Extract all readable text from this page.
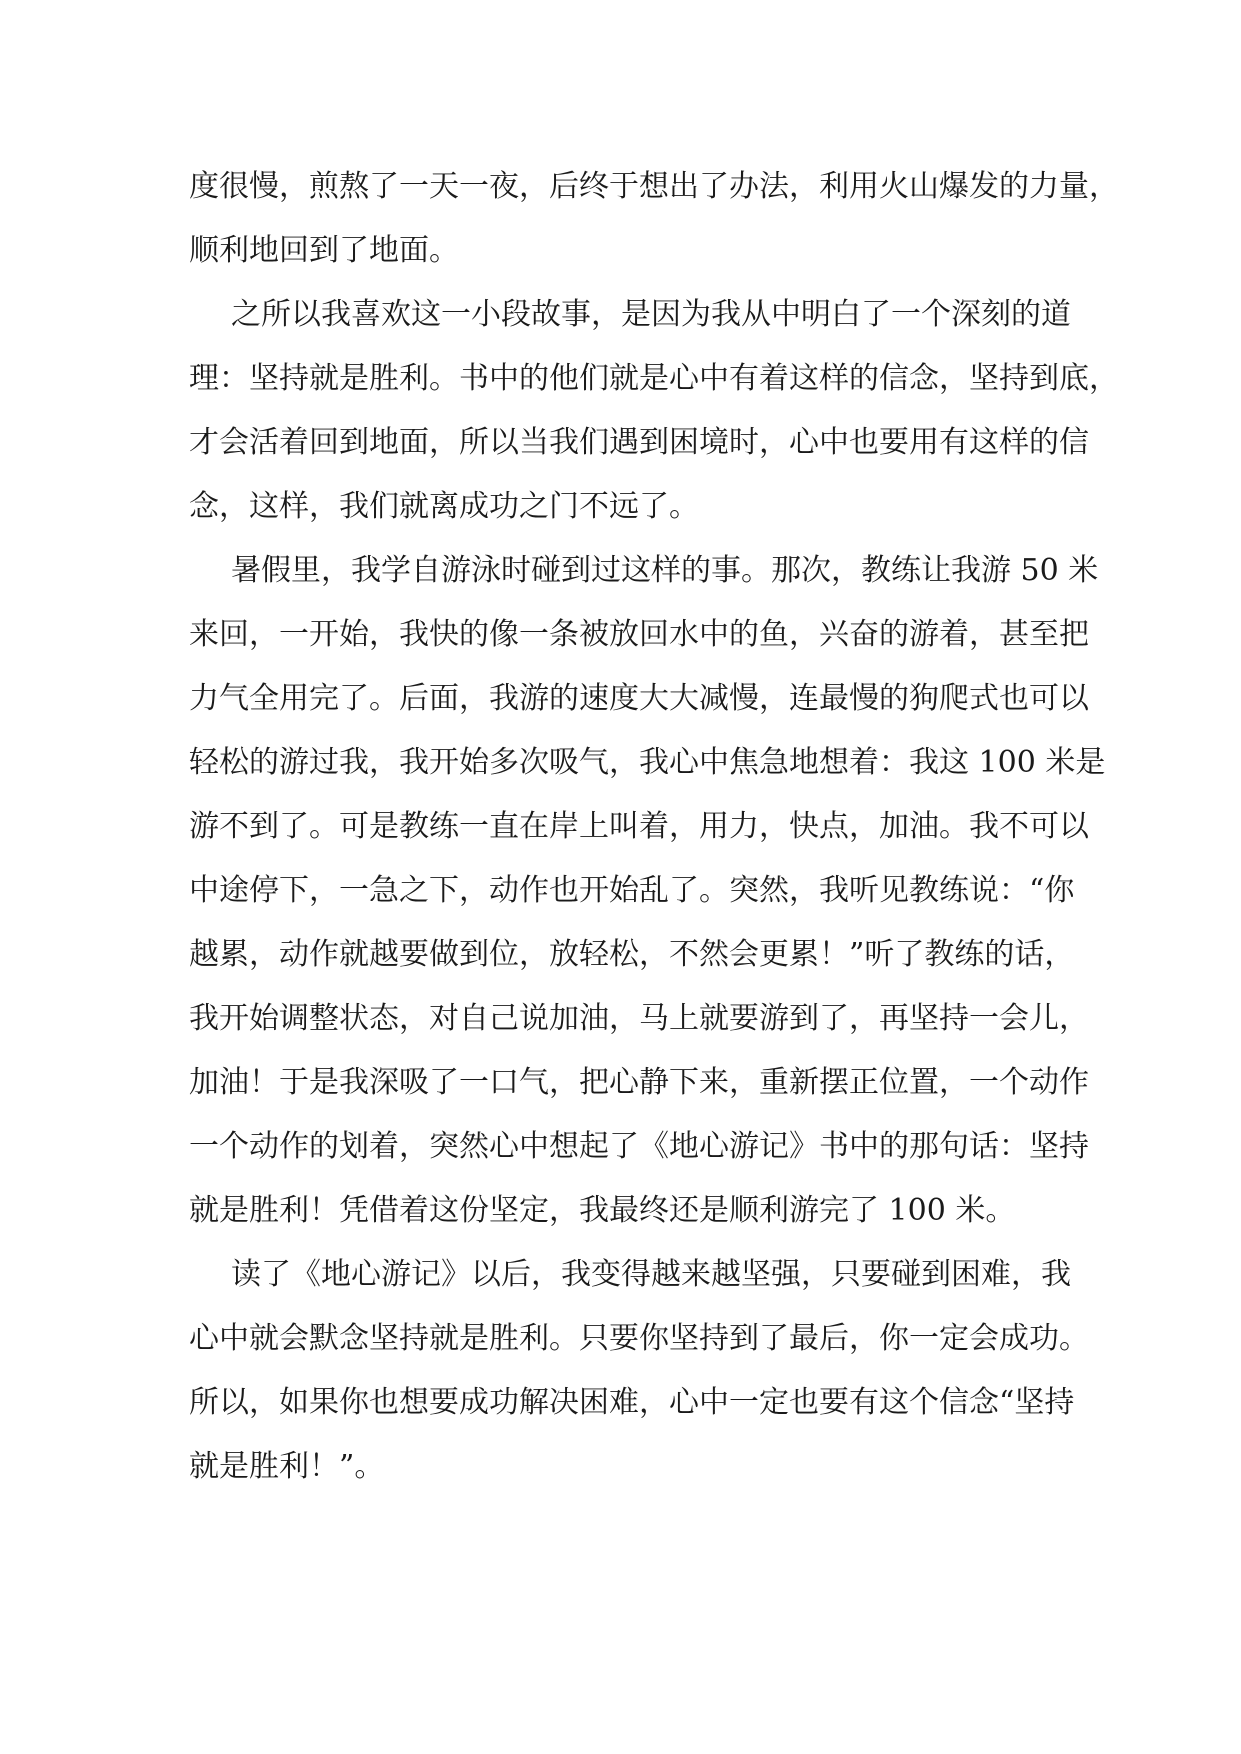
度很慢，煎熬了一天一夜，后终于想出了办法，利用火山爆发的力量，
顺利地回到了地面。
之所以我喜欢这一小段故事，是因为我从中明白了一个深刻的道
理：坚持就是胜利。书中的他们就是心中有着这样的信念，坚持到底，
才会活着回到地面，所以当我们遇到困境时，心中也要用有这样的信
念，这样，我们就离成功之门不远了。
暑假里，我学自游泳时碰到过这样的事。那次，教练让我游 50 米
来回，一开始，我快的像一条被放回水中的鱼，兴奋的游着，甚至把
力气全用完了。后面，我游的速度大大减慢，连最慢的狗爬式也可以
轻松的游过我，我开始多次吸气，我心中焦急地想着：我这 100 米是
游不到了。可是教练一直在岸上叫着，用力，快点，加油。我不可以
中途停下，一急之下，动作也开始乱了。突然，我听见教练说：“你
越累，动作就越要做到位，放轻松，不然会更累！”听了教练的话，
我开始调整状态，对自己说加油，马上就要游到了，再坚持一会儿，
加油！于是我深吸了一口气，把心静下来，重新摆正位置，一个动作
一个动作的划着，突然心中想起了《地心游记》书中的那句话：坚持
就是胜利！凭借着这份坚定，我最终还是顺利游完了 100 米。
读了《地心游记》以后，我变得越来越坚强，只要碰到困难，我
心中就会默念坚持就是胜利。只要你坚持到了最后，你一定会成功。
所以，如果你也想要成功解决困难，心中一定也要有这个信念“坚持
就是胜利！”。
